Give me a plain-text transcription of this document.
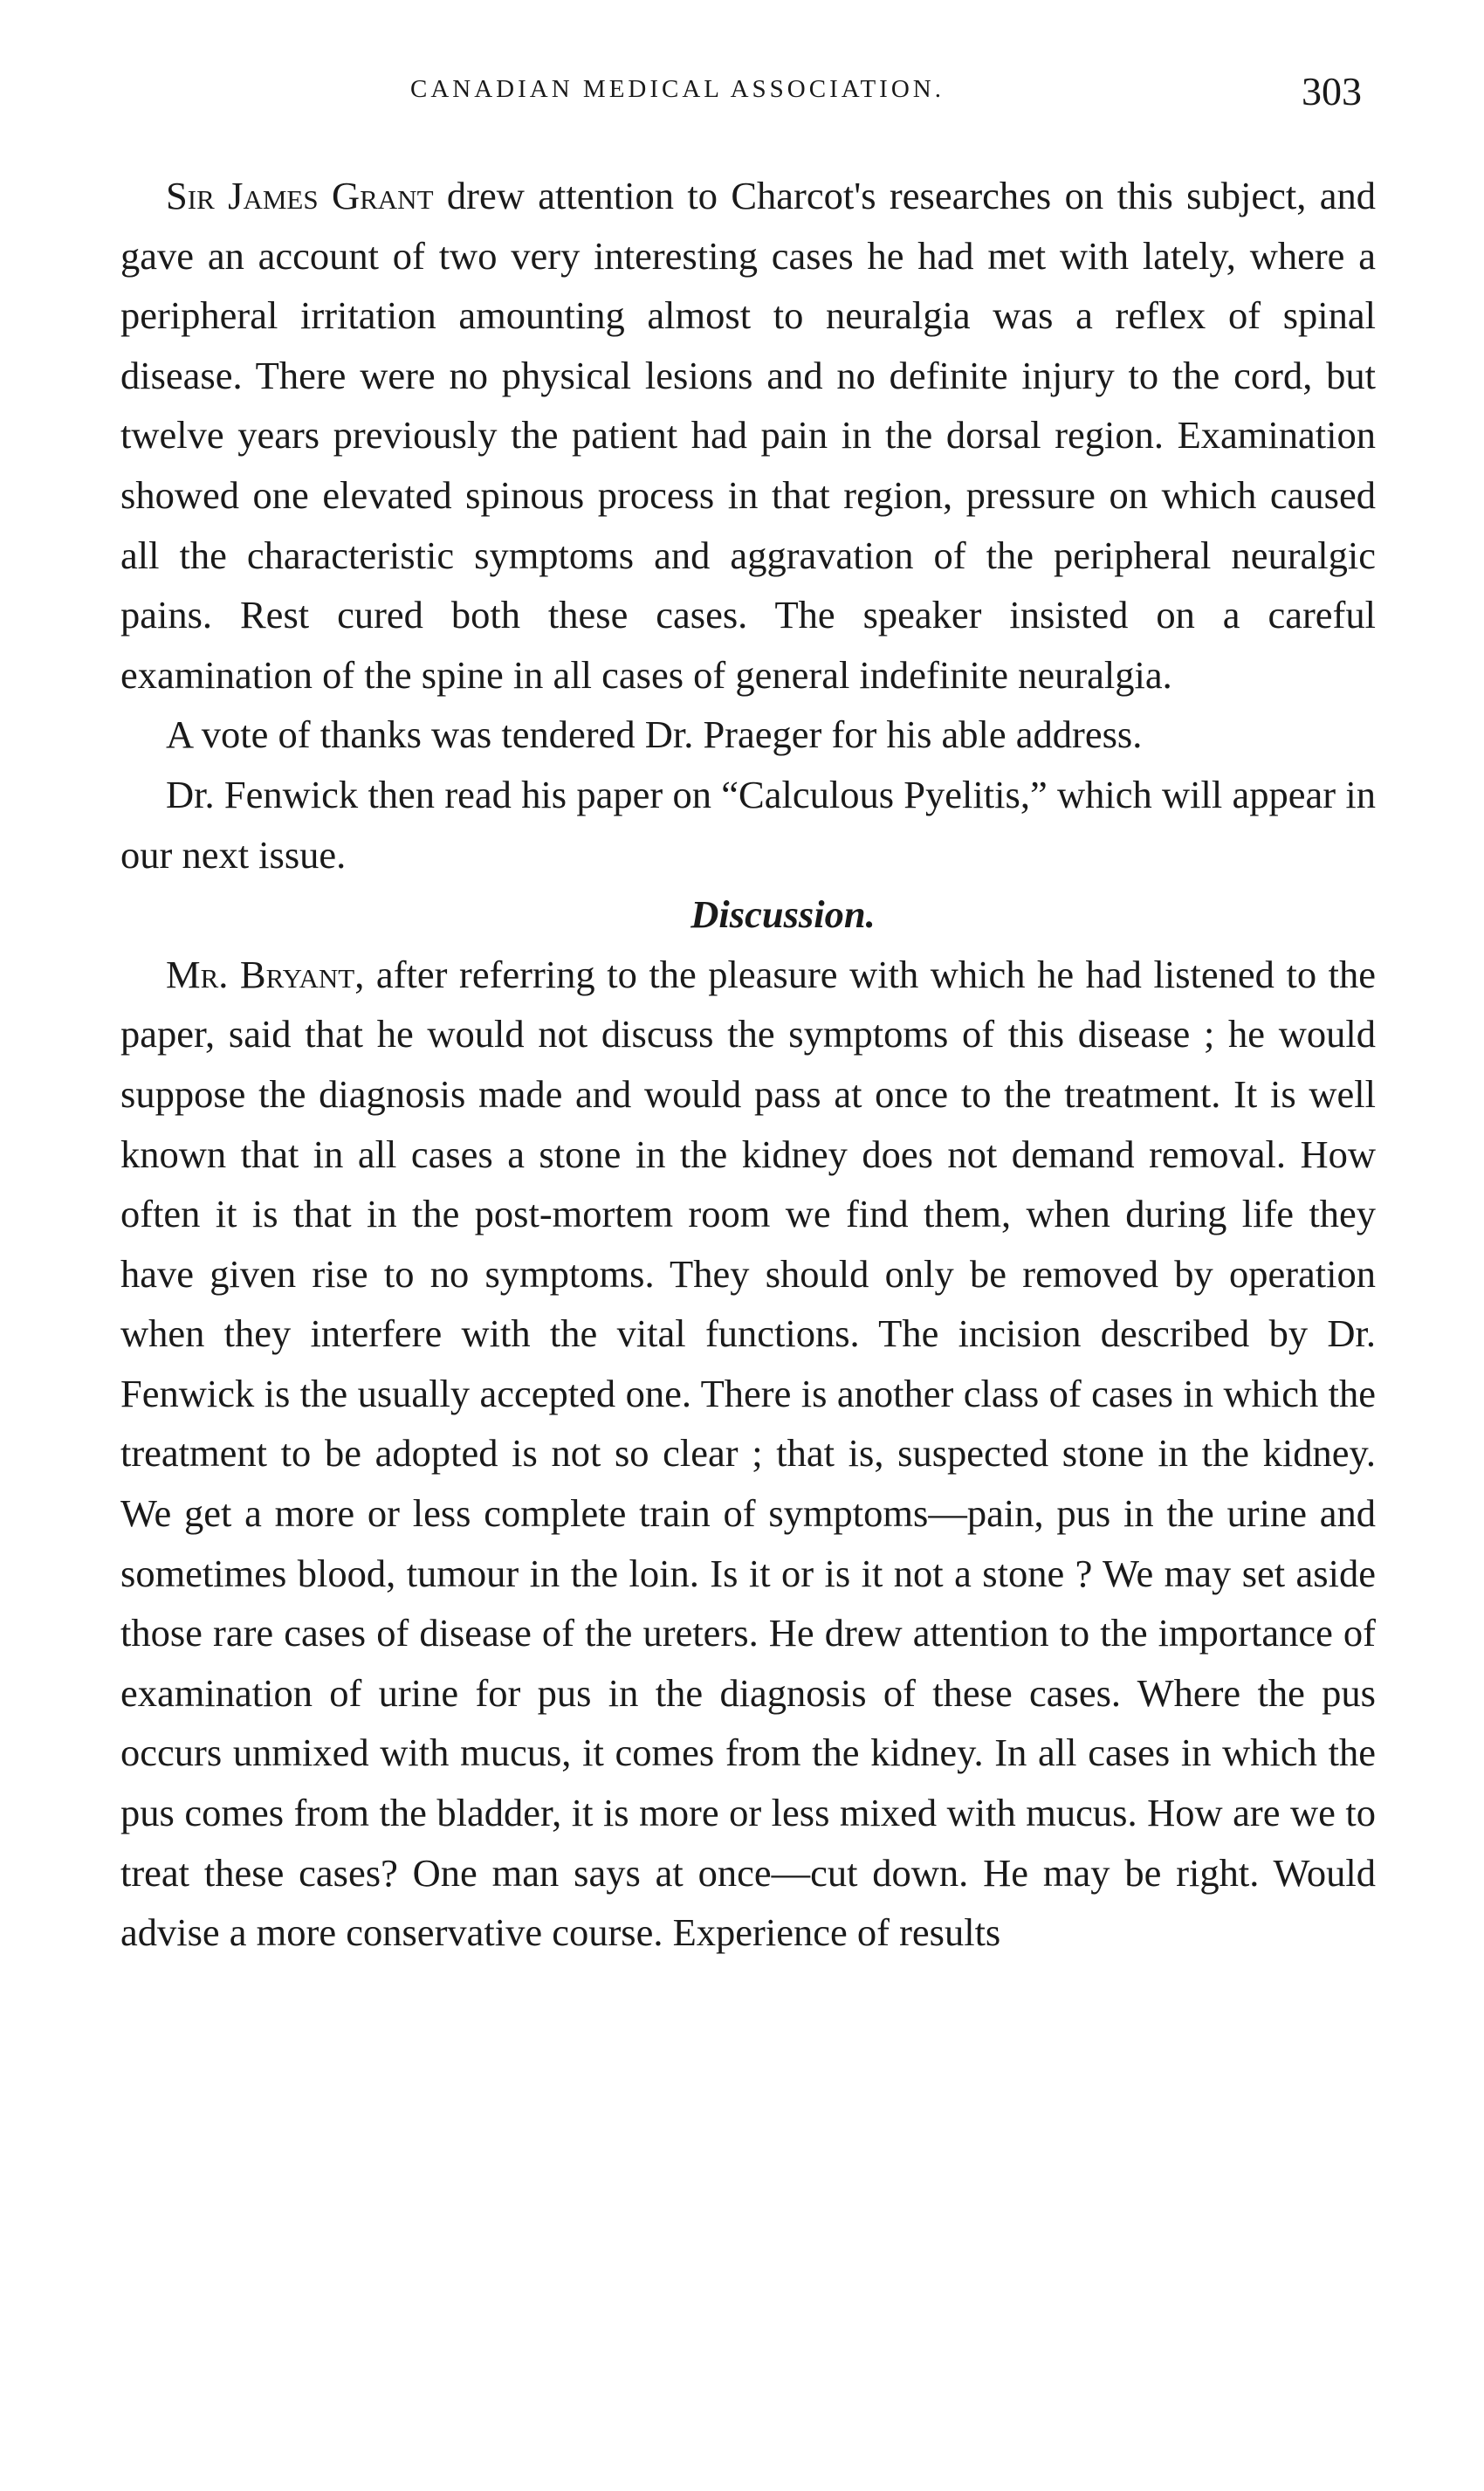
CANADIAN MEDICAL ASSOCIATION.	303

Sir James Grant drew attention to Charcot's researches on this subject, and gave an account of two very interesting cases he had met with lately, where a peripheral irritation amounting almost to neuralgia was a reflex of spinal disease. There were no physical lesions and no definite injury to the cord, but twelve years previously the patient had pain in the dorsal region. Examination showed one elevated spinous process in that region, pressure on which caused all the characteristic symptoms and aggravation of the peripheral neuralgic pains. Rest cured both these cases. The speaker insisted on a careful examination of the spine in all cases of general indefinite neuralgia.

A vote of thanks was tendered Dr. Praeger for his able address.

Dr. Fenwick then read his paper on “Calculous Pyelitis,” which will appear in our next issue.

Discussion.

Mr. Bryant, after referring to the pleasure with which he had listened to the paper, said that he would not discuss the symptoms of this disease ; he would suppose the diagnosis made and would pass at once to the treatment. It is well known that in all cases a stone in the kidney does not demand removal. How often it is that in the post-mortem room we find them, when during life they have given rise to no symptoms. They should only be removed by operation when they interfere with the vital functions. The incision described by Dr. Fenwick is the usually accepted one. There is another class of cases in which the treatment to be adopted is not so clear ; that is, suspected stone in the kidney. We get a more or less complete train of symptoms—pain, pus in the urine and sometimes blood, tumour in the loin. Is it or is it not a stone ? We may set aside those rare cases of disease of the ureters. He drew attention to the importance of examination of urine for pus in the diagnosis of these cases. Where the pus occurs unmixed with mucus, it comes from the kidney. In all cases in which the pus comes from the bladder, it is more or less mixed with mucus. How are we to treat these cases? One man says at once—cut down. He may be right. Would advise a more conservative course. Experience of results
